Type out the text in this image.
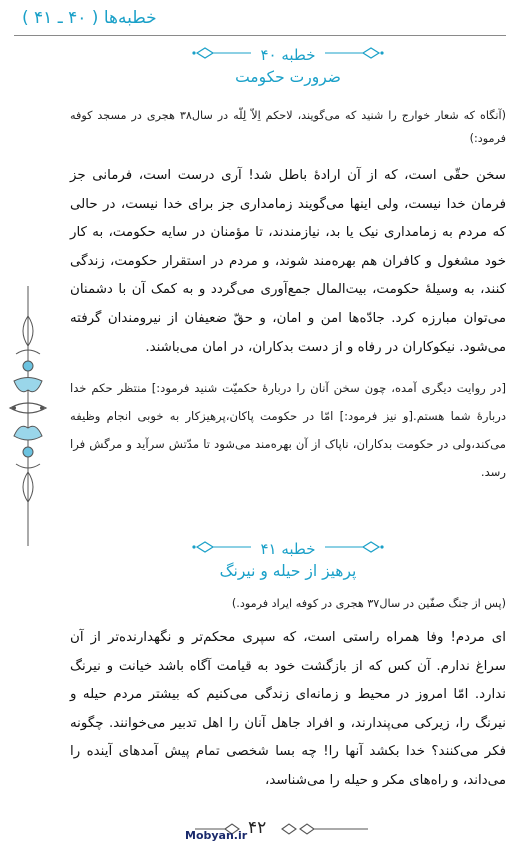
خطبه‌ها ( ۴۰ ـ ۴۱ )
خطبه ۴۰
ضرورت حکومت
(آنگاه که شعار خوارج را شنید که می‌گویند، لاحکم اِلاّ لِلّه در سال۳۸ هجری در مسجد کوفه فرمود:)
سخن حقّی است، که از آن ارادهٔ باطل شد! آری درست است، فرمانی جز فرمان خدا نیست، ولی اینها می‌گویند زمامداری جز برای خدا نیست، در حالی که مردم به زمامداری نیک یا بد، نیازمندند، تا مؤمنان در سایه حکومت، به کار خود مشغول و کافران هم بهره‌مند شوند، و مردم در استقرار حکومت، زندگی کنند، به وسیلهٔ حکومت، بیت‌المال جمع‌آوری می‌گردد و به کمک آن با دشمنان می‌توان مبارزه کرد. جادّه‌ها امن و امان، و حقّ ضعیفان از نیرومندان گرفته می‌شود. نیکوکاران در رفاه و از دست بدکاران، در امان می‌باشند.
[در روایت دیگری آمده، چون سخن آنان را دربارهٔ حکمیّت شنید فرمود:] منتظر حکم خدا دربارهٔ شما هستم.[و نیز فرمود:] امّا در حکومت پاکان،پرهیزکار به خوبی انجام وظیفه می‌کند،ولی در حکومت بدکاران، ناپاک از آن بهره‌مند می‌شود تا مدّتش سرآید و مرگش فرا رسد.
خطبه ۴۱
پرهیز از حیله و نیرنگ
(پس از جنگ صفّین در سال۳۷ هجری در کوفه ایراد فرمود.)
ای مردم! وفا همراه راستی است، که سپری محکم‌تر و نگهدارنده‌تر از آن سراغ ندارم. آن کس که از بازگشت خود به قیامت آگاه باشد خیانت و نیرنگ ندارد. امّا امروز در محیط و زمانه‌ای زندگی می‌کنیم که بیشتر مردم حیله و نیرنگ را، زیرکی می‌پندارند، و افراد جاهل آنان را اهل تدبیر می‌خوانند. چگونه فکر می‌کنند؟ خدا بکشد آنها را! چه بسا شخصی تمام پیش آمدهای آینده را می‌داند، و راه‌های مکر و حیله را می‌شناسد،
۴۲
Mobyan.ir
